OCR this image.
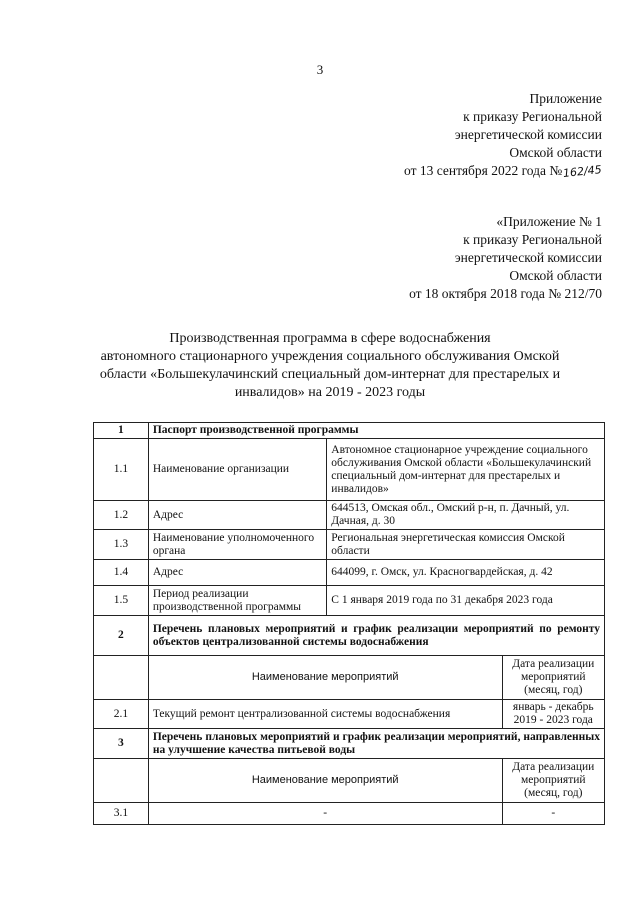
3
Приложение
к приказу Региональной
энергетической комиссии
Омской области
от 13 сентября 2022 года №162/45
«Приложение № 1
к приказу Региональной
энергетической комиссии
Омской области
от 18 октября 2018 года № 212/70
Производственная программа в сфере водоснабжения
автономного стационарного учреждения социального обслуживания Омской
области «Большекулачинский специальный дом-интернат для престарелых и
инвалидов» на 2019 - 2023 годы
1	Паспорт производственной программы		
1.1	Наименование организации	Автономное стационарное учреждение социального обслуживания Омской области «Большекулачинский специальный дом-интернат для престарелых и инвалидов»	
1.2	Адрес	644513, Омская обл., Омский р-н, п. Дачный, ул. Дачная, д. 30	
1.3	Наименование уполномоченного органа	Региональная энергетическая комиссия Омской области	
1.4	Адрес	644099, г. Омск, ул. Красногвардейская, д. 42	
1.5	Период реализации производственной программы	С 1 января 2019 года по 31 декабря 2023 года	
2	Перечень плановых мероприятий и график реализации мероприятий по ремонту объектов централизованной системы водоснабжения		
	Наименование мероприятий		Дата реализации мероприятий (месяц, год)
2.1	Текущий ремонт централизованной системы водоснабжения		январь - декабрь 2019 - 2023 года
3	Перечень плановых мероприятий и график реализации мероприятий, направленных на улучшение качества питьевой воды		
	Наименование мероприятий		Дата реализации мероприятий (месяц, год)
3.1	-		-
